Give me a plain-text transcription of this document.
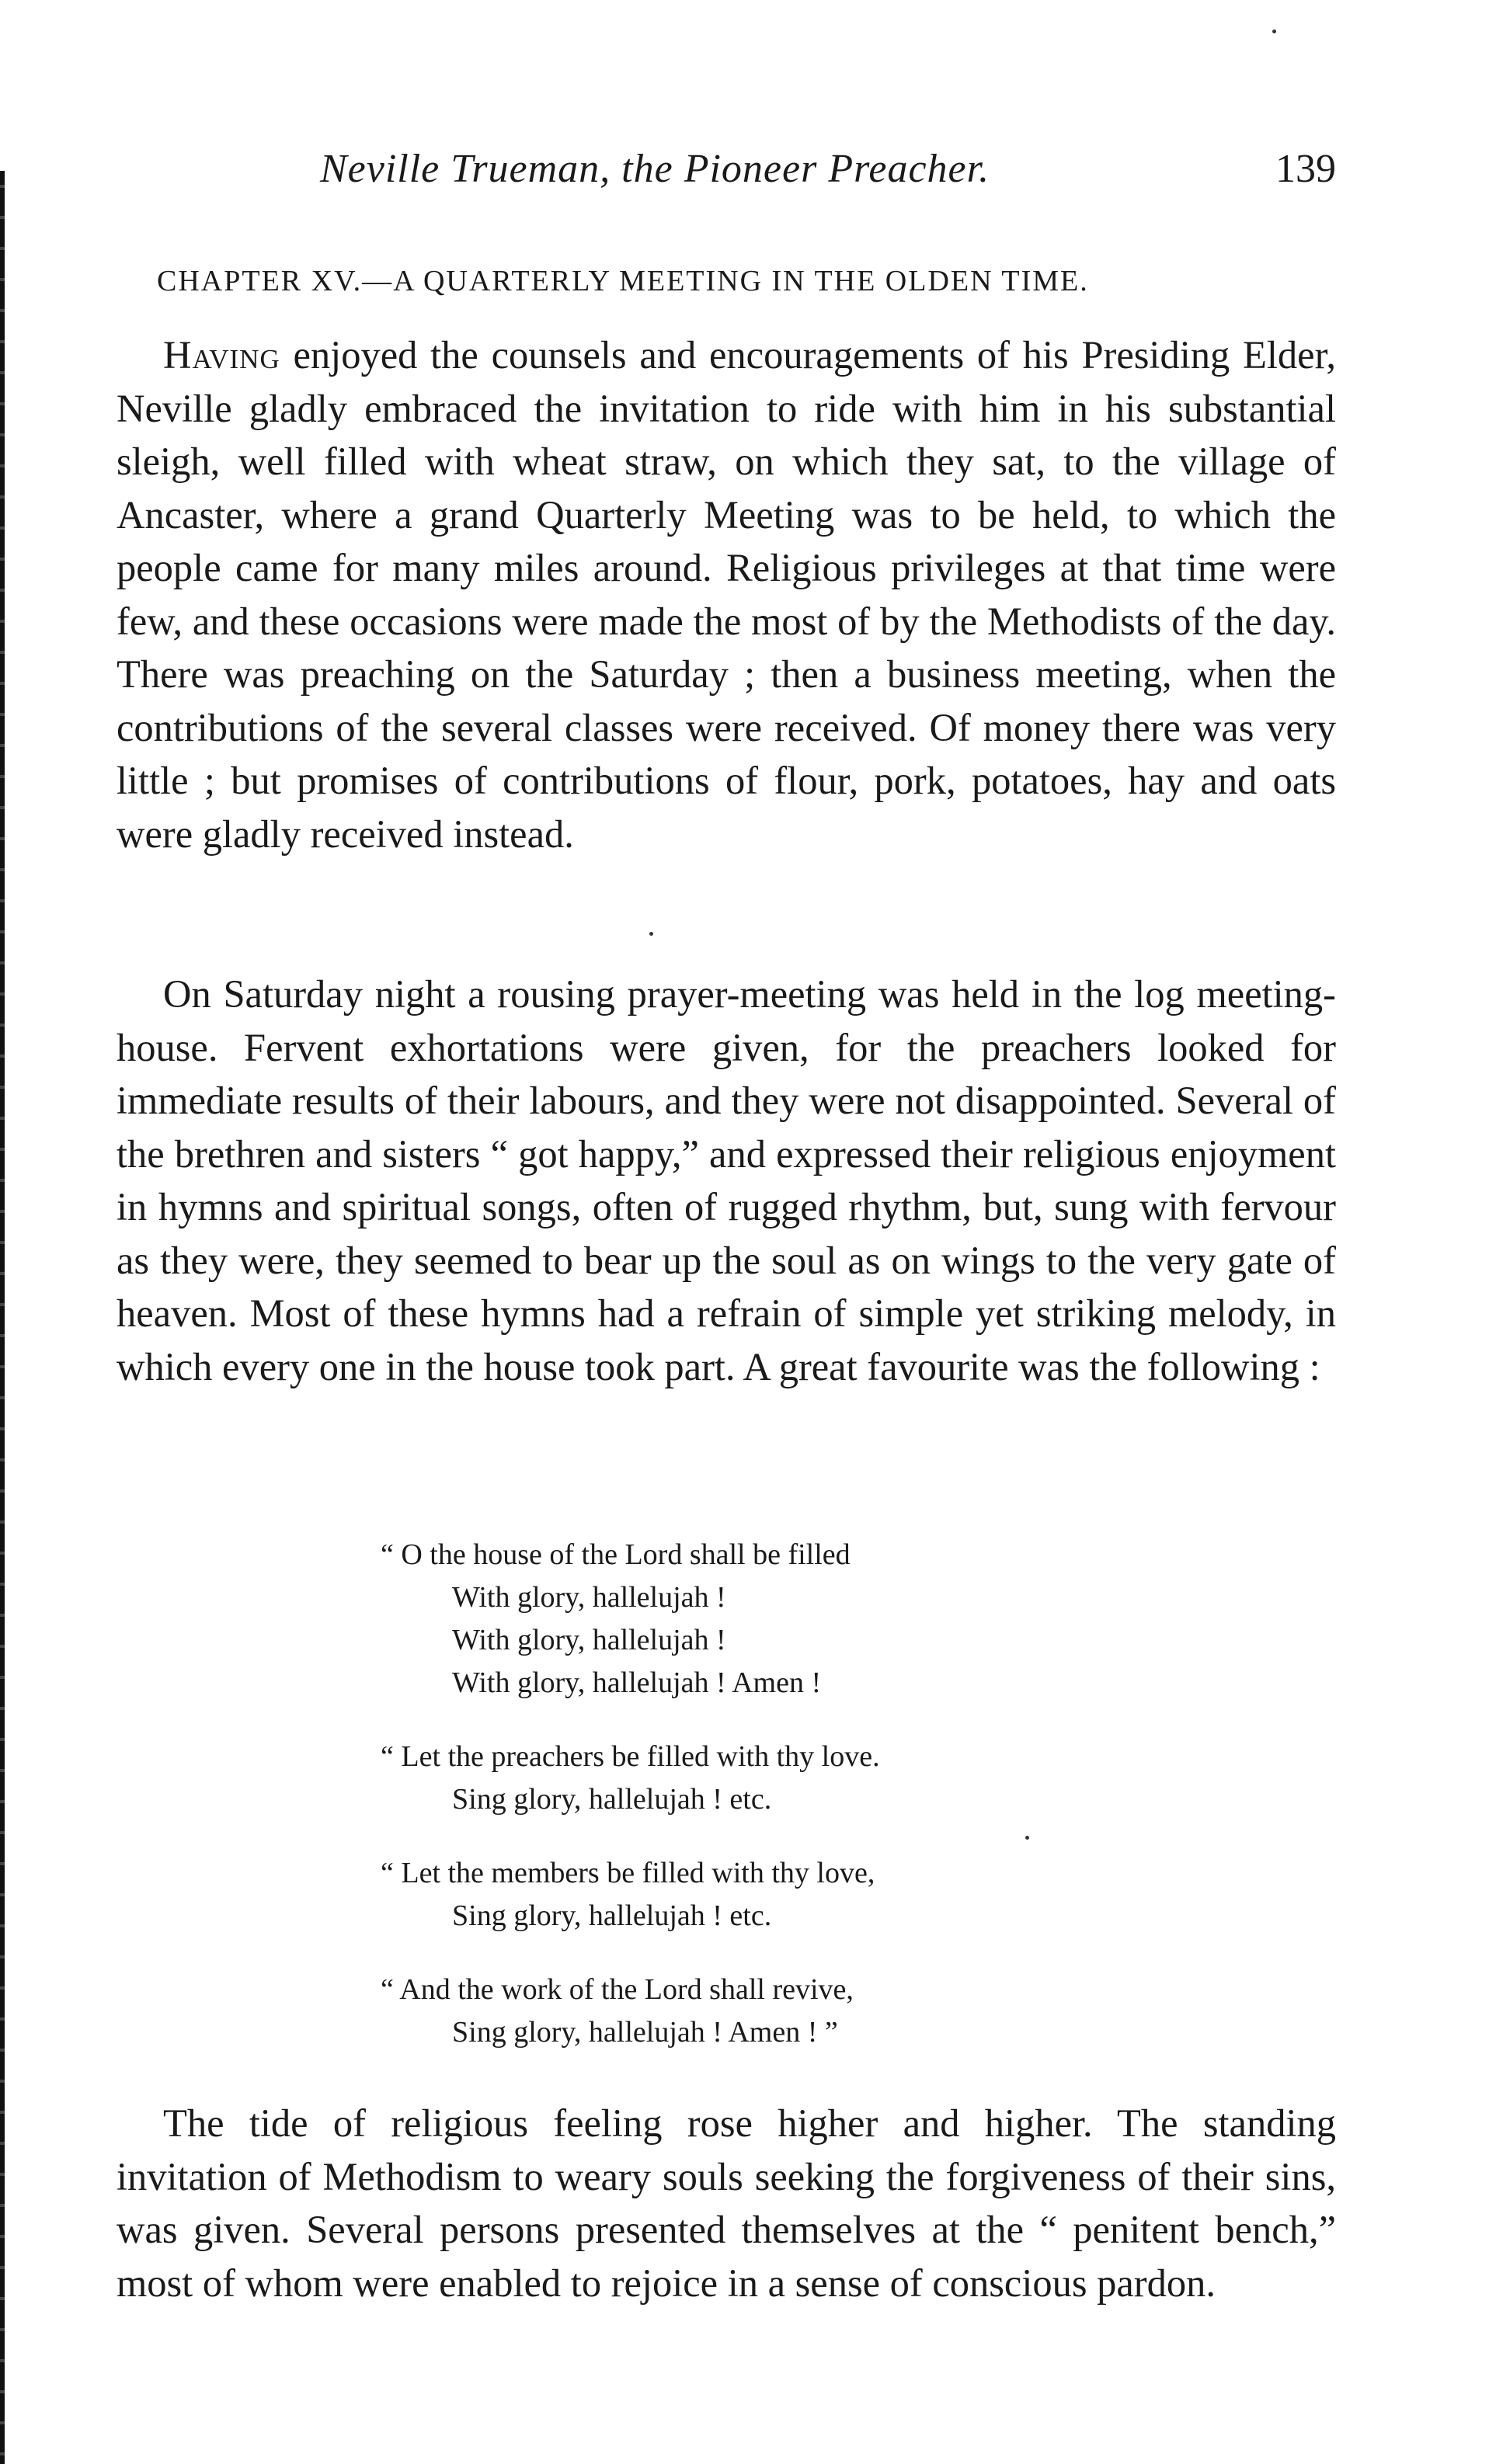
Neville Trueman, the Pioneer Preacher.	139
CHAPTER XV.—A QUARTERLY MEETING IN THE OLDEN TIME.

Having enjoyed the counsels and encouragements of his Presiding Elder, Neville gladly embraced the invitation to ride with him in his substantial sleigh, well filled with wheat straw, on which they sat, to the village of Ancaster, where a grand Quarterly Meeting was to be held, to which the people came for many miles around. Religious privileges at that time were few, and these occasions were made the most of by the Methodists of the day. There was preaching on the Saturday ; then a business meeting, when the contributions of the several classes were received. Of money there was very little ; but promises of contributions of flour, pork, potatoes, hay and oats were gladly received instead.

On Saturday night a rousing prayer-meeting was held in the log meeting-house. Fervent exhortations were given, for the preachers looked for immediate results of their labours, and they were not disappointed. Several of the brethren and sisters “ got happy,” and expressed their religious enjoyment in hymns and spiritual songs, often of rugged rhythm, but, sung with fervour as they were, they seemed to bear up the soul as on wings to the very gate of heaven. Most of these hymns had a refrain of simple yet striking melody, in which every one in the house took part. A great favourite was the following :

“ O the house of the Lord shall be filled
With glory, hallelujah !
With glory, hallelujah !
With glory, hallelujah ! Amen !
“ Let the preachers be filled with thy love.
Sing glory, hallelujah ! etc.
“ Let the members be filled with thy love,
Sing glory, hallelujah ! etc.
“ And the work of the Lord shall revive,
Sing glory, hallelujah ! Amen ! ”

The tide of religious feeling rose higher and higher. The standing invitation of Methodism to weary souls seeking the forgiveness of their sins, was given. Several persons presented themselves at the “ penitent bench,” most of whom were enabled to rejoice in a sense of conscious pardon.
